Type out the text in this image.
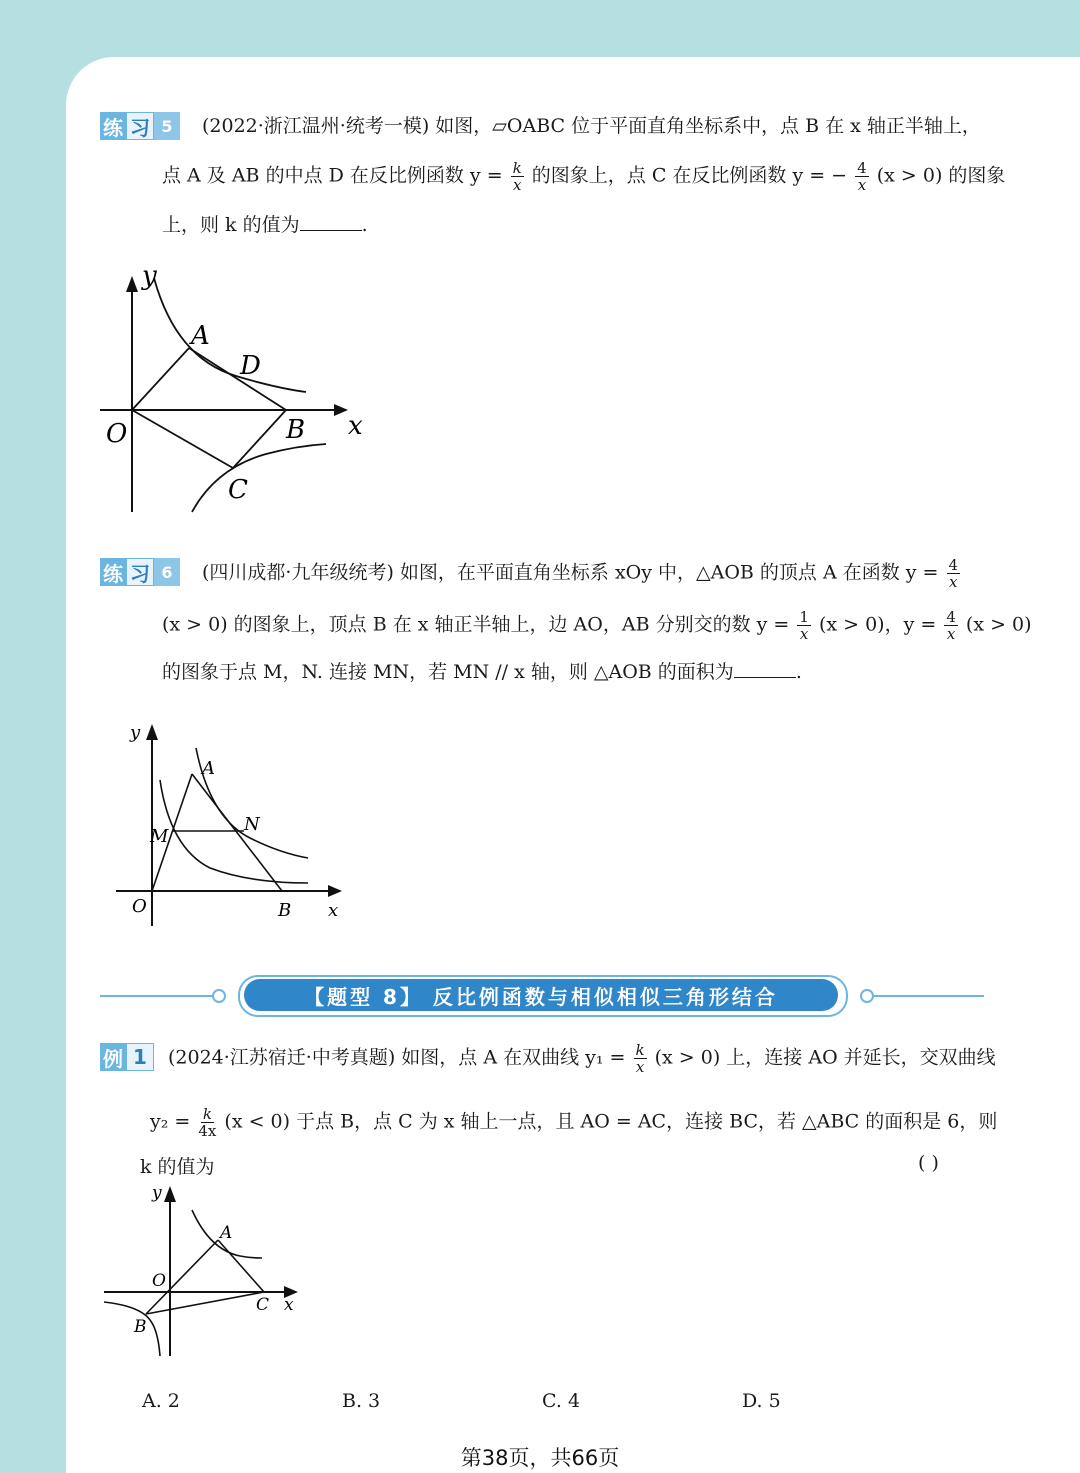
练 习 5	(2022·浙江温州·统考一模) 如图，▱OABC 位于平面直角坐标系中，点 B 在 x 轴正半轴上，
点 A 及 AB 的中点 D 在反比例函数 $y = \frac{k}{x}$ 的图象上，点 C 在反比例函数 y = − $\frac{4}{x} (x > 0)$ 的图象
上，则 k 的值为	.
y
x
O
A
D
B
C
练 习 6	(四川成都·九年级统考) 如图，在平面直角坐标系 xOy 中，△AOB 的顶点 A 在函数 $y = \frac{4}{x}$
(x > 0) 的图象上，顶点 B 在 x 轴正半轴上，边 AO，AB 分别交的数 $y = \frac{1}{x} (x > 0)$，$y = \frac{4}{x} (x > 0)$
的图象于点 M，N. 连接 MN，若 MN // x 轴，则 △AOB 的面积为	.
y
x
O
A
M
N
B
【题型 8】 反比例函数与相似相似三角形结合
例 1	(2024·江苏宿迁·中考真题) 如图，点 A 在双曲线 $y_1 = \frac{k}{x} (x > 0)$ 上，连接 AO 并延长，交双曲线
$y_2 = \frac{k}{4x} (x < 0)$ 于点 B，点 C 为 x 轴上一点，且 AO = AC，连接 BC，若 △ABC 的面积是 6，则
k 的值为	( )
y
x
O
A
B
C
A. 2	B. 3	C. 4	D. 5
第38页，共66页
